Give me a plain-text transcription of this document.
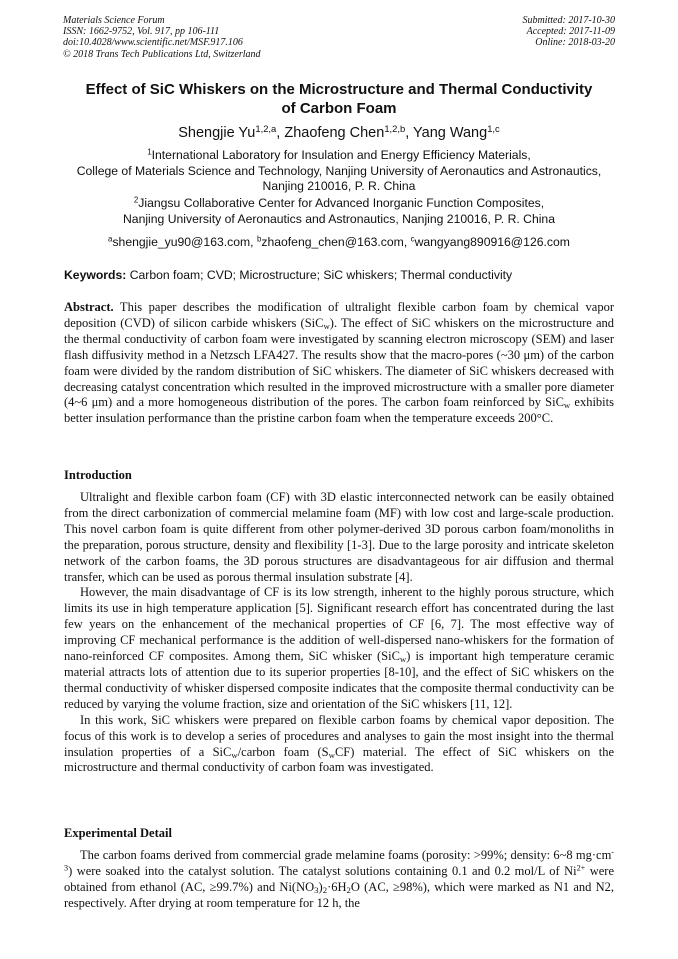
Materials Science Forum
ISSN: 1662-9752, Vol. 917, pp 106-111
doi:10.4028/www.scientific.net/MSF.917.106
© 2018 Trans Tech Publications Ltd, Switzerland
Submitted: 2017-10-30
Accepted: 2017-11-09
Online: 2018-03-20
Effect of SiC Whiskers on the Microstructure and Thermal Conductivity
of Carbon Foam
Shengjie Yu$^{1,2,a}$, Zhaofeng Chen$^{1,2,b}$, Yang Wang$^{1,c}$
$^1$International Laboratory for Insulation and Energy Efficiency Materials,
College of Materials Science and Technology, Nanjing University of Aeronautics and Astronautics,
Nanjing 210016, P. R. China
$^2$Jiangsu Collaborative Center for Advanced Inorganic Function Composites,
Nanjing University of Aeronautics and Astronautics, Nanjing 210016, P. R. China
$^a$shengjie_yu90@163.com, $^b$zhaofeng_chen@163.com, $^c$wangyang890916@126.com
Keywords: Carbon foam; CVD; Microstructure; SiC whiskers; Thermal conductivity

Abstract. This paper describes the modification of ultralight flexible carbon foam by chemical vapor deposition (CVD) of silicon carbide whiskers (SiC$_w$). The effect of SiC whiskers on the microstructure and the thermal conductivity of carbon foam were investigated by scanning electron microscopy (SEM) and laser flash diffusivity method in a Netzsch LFA427. The results show that the macro-pores (~30 μm) of the carbon foam were divided by the random distribution of SiC whiskers. The diameter of SiC whiskers decreased with decreasing catalyst concentration which resulted in the improved microstructure with a smaller pore diameter (4~6 μm) and a more homogeneous distribution of the pores. The carbon foam reinforced by SiC$_w$ exhibits better insulation performance than the pristine carbon foam when the temperature exceeds 200°C.

Introduction

Ultralight and flexible carbon foam (CF) with 3D elastic interconnected network can be easily obtained from the direct carbonization of commercial melamine foam (MF) with low cost and large-scale production. This novel carbon foam is quite different from other polymer-derived 3D porous carbon foam/monoliths in the preparation, porous structure, density and flexibility [1-3]. Due to the large porosity and intricate skeleton network of the carbon foams, the 3D porous structures are disadvantageous for air diffusion and thermal transfer, which can be used as porous thermal insulation substrate [4].

However, the main disadvantage of CF is its low strength, inherent to the highly porous structure, which limits its use in high temperature application [5]. Significant research effort has concentrated during the last few years on the enhancement of the mechanical properties of CF [6, 7]. The most effective way of improving CF mechanical performance is the addition of well-dispersed nano-whiskers for the formation of nano-reinforced CF composites. Among them, SiC whisker (SiC$_w$) is important high temperature ceramic material attracts lots of attention due to its superior properties [8-10], and the effect of SiC whiskers on the thermal conductivity of whisker dispersed composite indicates that the composite thermal conductivity can be reduced by varying the volume fraction, size and orientation of the SiC whiskers [11, 12].

In this work, SiC whiskers were prepared on flexible carbon foams by chemical vapor deposition. The focus of this work is to develop a series of procedures and analyses to gain the most insight into the thermal insulation properties of a SiC$_w$/carbon foam $(S_wCF)$ material. The effect of SiC whiskers on the microstructure and thermal conductivity of carbon foam was investigated.

Experimental Detail

The carbon foams derived from commercial grade melamine foams (porosity: >99%; density: 6~8 $mg\cdot cm^{-3}$) were soaked into the catalyst solution. The catalyst solutions containing 0.1 and 0.2 mol/L of $Ni^{2+}$ were obtained from ethanol (AC, ≥99.7%) and $Ni(NO_3)_2\cdot 6H_2O$ (AC, ≥98%), which were marked as N1 and N2, respectively. After drying at room temperature for 12 h, the
